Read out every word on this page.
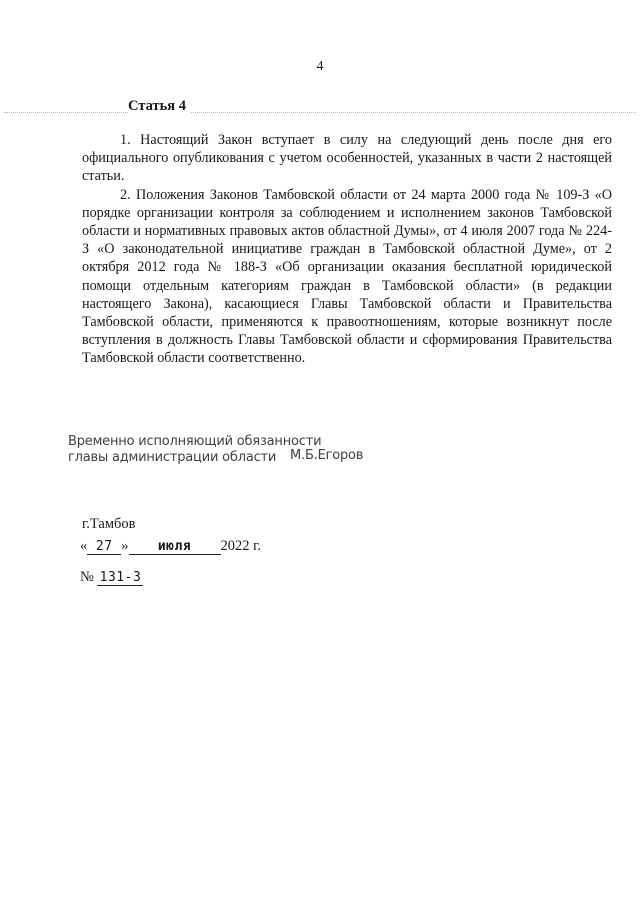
4
Статья 4

1. Настоящий Закон вступает в силу на следующий день после дня его официального опубликования с учетом особенностей, указанных в части 2 настоящей статьи.

2. Положения Законов Тамбовской области от 24 марта 2000 года № 109-З «О порядке организации контроля за соблюдением и исполнением законов Тамбовской области и нормативных правовых актов областной Думы», от 4 июля 2007 года № 224-З «О законодательной инициативе граждан в Тамбовской областной Думе», от 2 октября 2012 года № 188-З «Об организации оказания бесплатной юридической помощи отдельным категориям граждан в Тамбовской области» (в редакции настоящего Закона), касающиеся Главы Тамбовской области и Правительства Тамбовской области, применяются к правоотношениям, которые возникнут после вступления в должность Главы Тамбовской области и сформирования Правительства Тамбовской области соответственно.

Временно исполняющий обязанности
главы администрации области	М.Б.Егоров
г.Тамбов
« 27 » июля 2022 г.
№ 131-З
